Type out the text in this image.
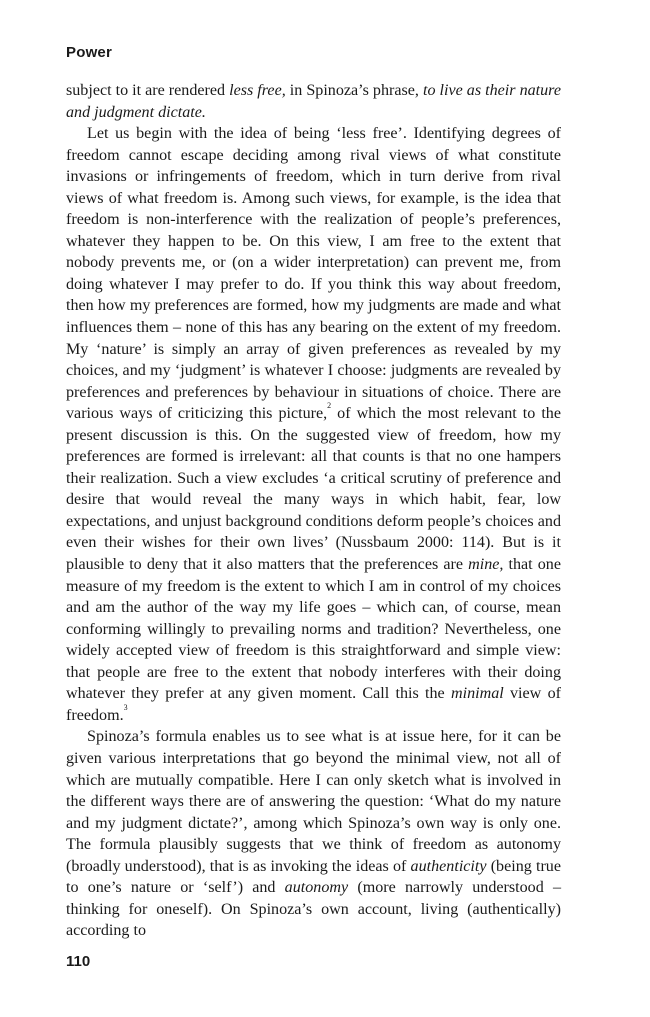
Power

subject to it are rendered less free, in Spinoza’s phrase, to live as their nature and judgment dictate.

Let us begin with the idea of being ‘less free’. Identifying degrees of freedom cannot escape deciding among rival views of what constitute invasions or infringements of freedom, which in turn derive from rival views of what freedom is. Among such views, for example, is the idea that freedom is non-interference with the realization of people’s preferences, whatever they happen to be. On this view, I am free to the extent that nobody prevents me, or (on a wider interpretation) can prevent me, from doing whatever I may prefer to do. If you think this way about freedom, then how my preferences are formed, how my judgments are made and what influences them – none of this has any bearing on the extent of my freedom. My ‘nature’ is simply an array of given preferences as revealed by my choices, and my ‘judgment’ is whatever I choose: judgments are revealed by preferences and preferences by behaviour in situations of choice. There are various ways of criticizing this picture,$^2$ of which the most relevant to the present discussion is this. On the suggested view of freedom, how my preferences are formed is irrelevant: all that counts is that no one hampers their realization. Such a view excludes ‘a critical scrutiny of preference and desire that would reveal the many ways in which habit, fear, low expectations, and unjust background conditions deform people’s choices and even their wishes for their own lives’ (Nussbaum 2000: 114). But is it plausible to deny that it also matters that the preferences are mine, that one measure of my freedom is the extent to which I am in control of my choices and am the author of the way my life goes – which can, of course, mean conforming willingly to prevailing norms and tradition? Nevertheless, one widely accepted view of freedom is this straightforward and simple view: that people are free to the extent that nobody interferes with their doing whatever they prefer at any given moment. Call this the minimal view of freedom.$^3$

Spinoza’s formula enables us to see what is at issue here, for it can be given various interpretations that go beyond the minimal view, not all of which are mutually compatible. Here I can only sketch what is involved in the different ways there are of answering the question: ‘What do my nature and my judgment dictate?’, among which Spinoza’s own way is only one. The formula plausibly suggests that we think of freedom as autonomy (broadly understood), that is as invoking the ideas of authenticity (being true to one’s nature or ‘self’) and autonomy (more narrowly understood – thinking for oneself). On Spinoza’s own account, living (authentically) according to

110
